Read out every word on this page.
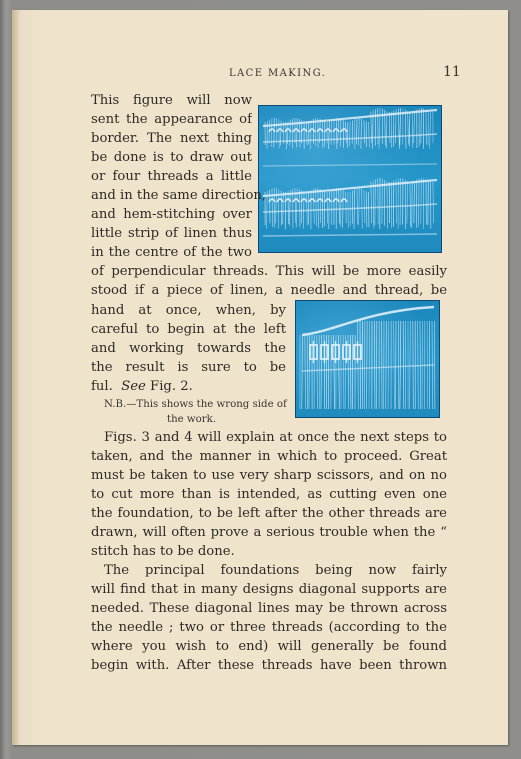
LACE MAKING.	11
This figure will now
sent the appearance of
border. The next thing
be done is to draw out
or four threads a little
and in the same direction,
and hem-stitching over
little strip of linen thus
in the centre of the two
of perpendicular threads. This will be more easily
stood if a piece of linen, a needle and thread, be
hand at once, when, by
careful to begin at the left
and working towards the
the result is sure to be
ful. See Fig. 2.
N.B.—This shows the wrong side of
the work.
Figs. 3 and 4 will explain at once the next steps to
taken, and the manner in which to proceed. Great
must be taken to use very sharp scissors, and on no
to cut more than is intended, as cutting even one
the foundation, to be left after the other threads are
drawn, will often prove a serious trouble when the “
stitch has to be done.
The principal foundations being now fairly
will find that in many designs diagonal supports are
needed. These diagonal lines may be thrown across
the needle ; two or three threads (according to the
where you wish to end) will generally be found
begin with. After these threads have been thrown
